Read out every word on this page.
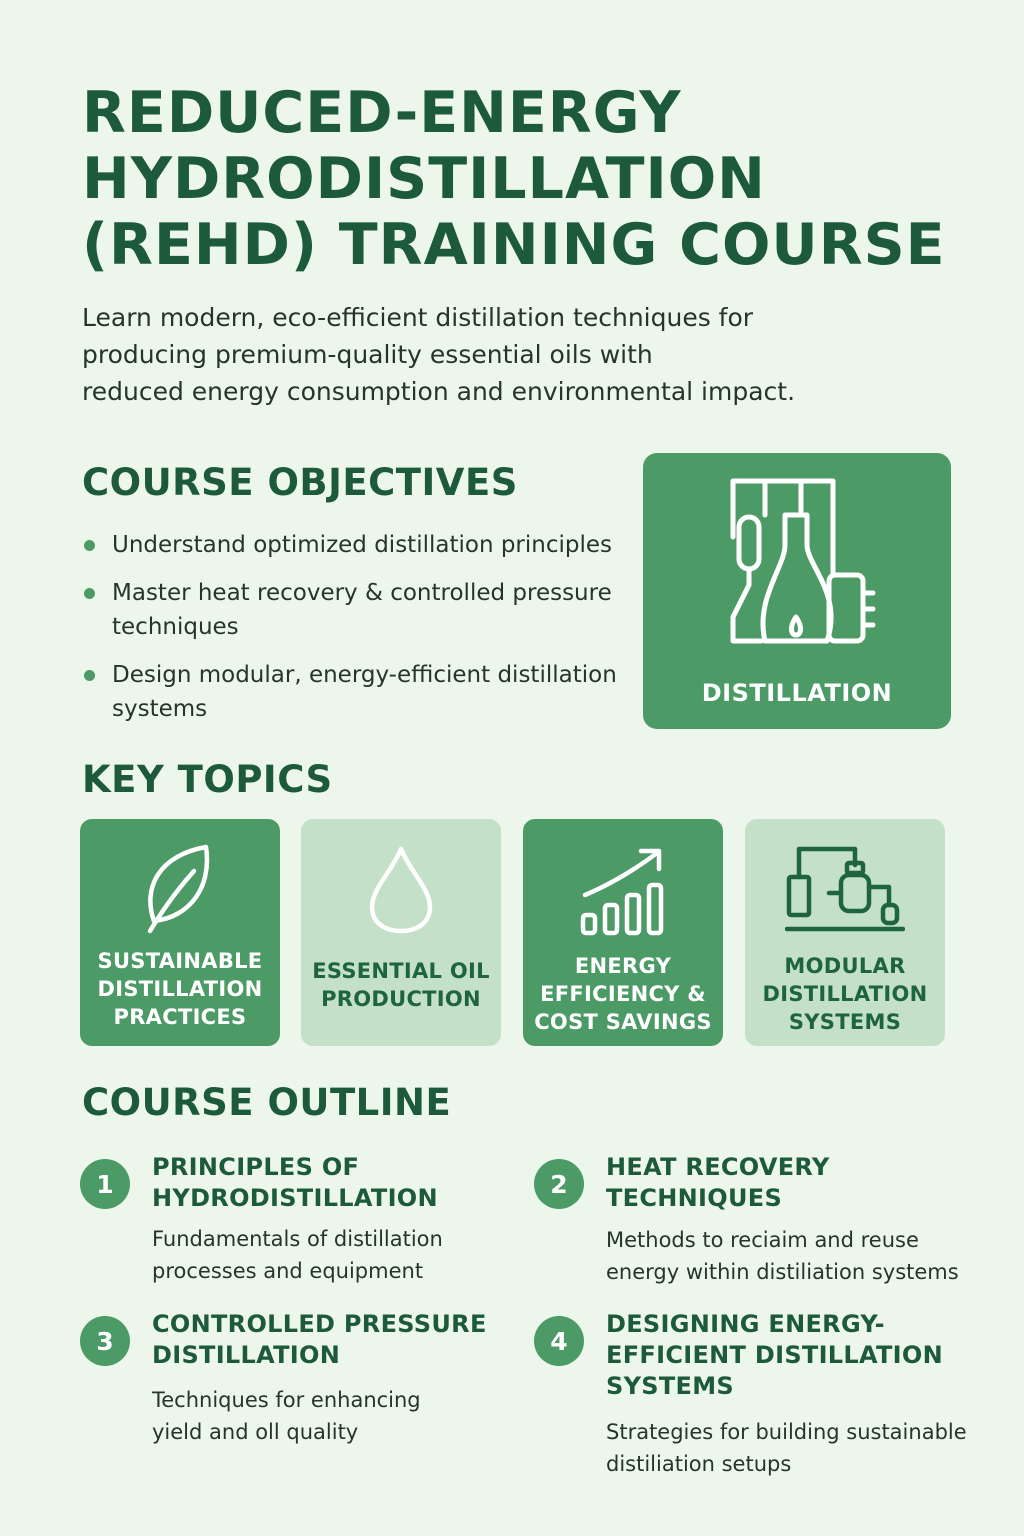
REDUCED-ENERGY
HYDRODISTILLATION
(REHD) TRAINING COURSE

Learn modern, eco-efficient distillation techniques for
producing premium-quality essential oils with
reduced energy consumption and environmental impact.

COURSE OBJECTIVES
Understand optimized distillation principles
Master heat recovery & controlled pressure techniques
Design modular, energy-efficient distillation systems
DISTILLATION
KEY TOPICS
SUSTAINABLE DISTILLATION PRACTICES
ESSENTIAL OIL PRODUCTION
ENERGY EFFICIENCY & COST SAVINGS
MODULAR DISTILLATION SYSTEMS
COURSE OUTLINE
1
PRINCIPLES OF
HYDRODISTILLATION
Fundamentals of distillation
processes and equipment
2
HEAT RECOVERY
TECHNIQUES
Methods to reciaim and reuse
energy within distiliation systems
3
CONTROLLED PRESSURE
DISTILLATION
Techniques for enhancing
yield and oll quality
4
DESIGNING ENERGY-
EFFICIENT DISTILLATION
SYSTEMS
Strategies for building sustainable
distiliation setups
